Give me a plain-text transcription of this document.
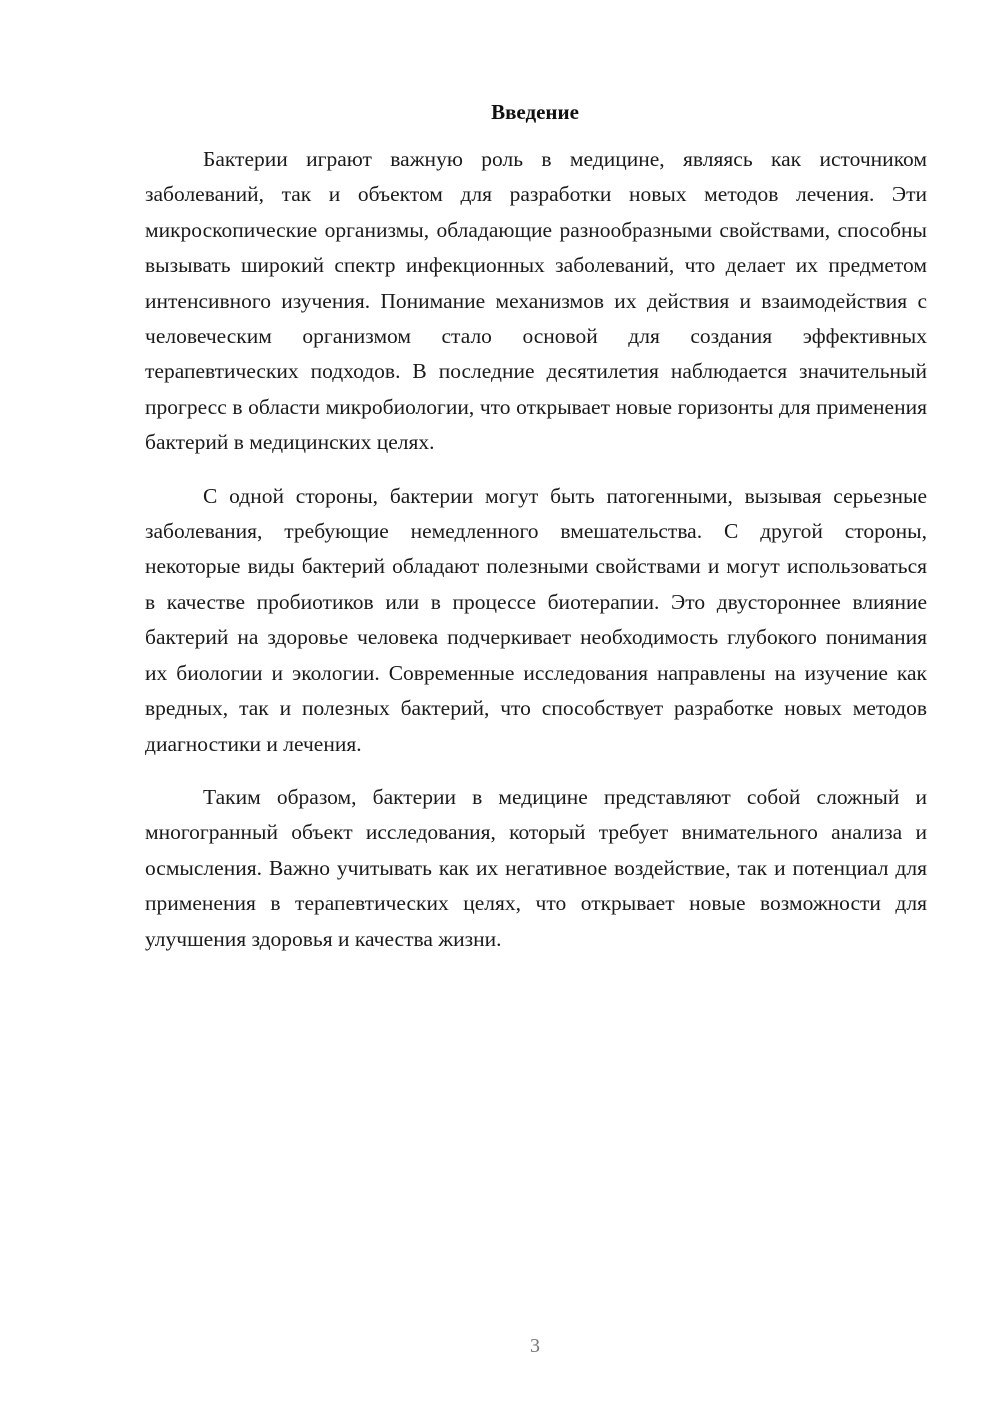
Введение

Бактерии играют важную роль в медицине, являясь как источником заболеваний, так и объектом для разработки новых методов лечения. Эти микроскопические организмы, обладающие разнообразными свойствами, способны вызывать широкий спектр инфекционных заболеваний, что делает их предметом интенсивного изучения. Понимание механизмов их действия и взаимодействия с человеческим организмом стало основой для создания эффективных терапевтических подходов. В последние десятилетия наблюдается значительный прогресс в области микробиологии, что открывает новые горизонты для применения бактерий в медицинских целях.

С одной стороны, бактерии могут быть патогенными, вызывая серьезные заболевания, требующие немедленного вмешательства. С другой стороны, некоторые виды бактерий обладают полезными свойствами и могут использоваться в качестве пробиотиков или в процессе биотерапии. Это двустороннее влияние бактерий на здоровье человека подчеркивает необходимость глубокого понимания их биологии и экологии. Современные исследования направлены на изучение как вредных, так и полезных бактерий, что способствует разработке новых методов диагностики и лечения.

Таким образом, бактерии в медицине представляют собой сложный и многогранный объект исследования, который требует внимательного анализа и осмысления. Важно учитывать как их негативное воздействие, так и потенциал для применения в терапевтических целях, что открывает новые возможности для улучшения здоровья и качества жизни.

3
